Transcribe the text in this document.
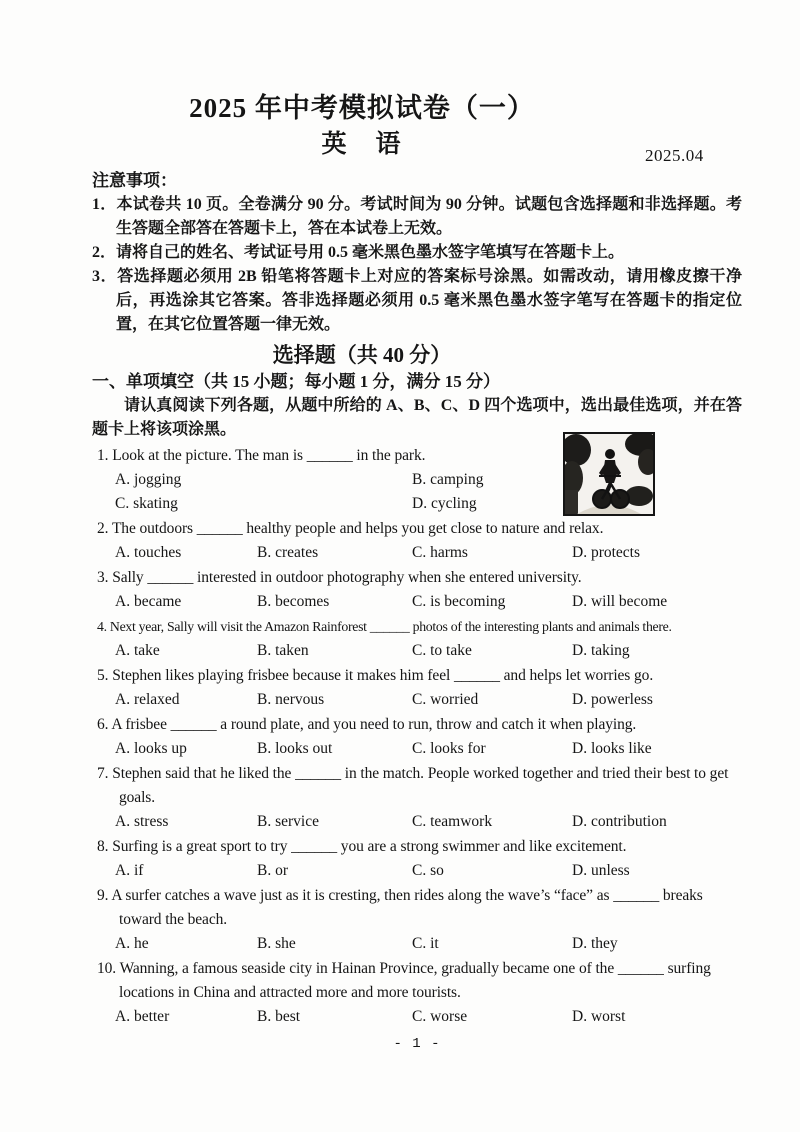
2025 年中考模拟试卷（一）
英　语	2025.04
注意事项：
1．本试卷共 10 页。全卷满分 90 分。考试时间为 90 分钟。试题包含选择题和非选择题。考生答题全部答在答题卡上，答在本试卷上无效。
2．请将自己的姓名、考试证号用 0.5 毫米黑色墨水签字笔填写在答题卡上。
3．答选择题必须用 2B 铅笔将答题卡上对应的答案标号涂黑。如需改动，请用橡皮擦干净后，再选涂其它答案。答非选择题必须用 0.5 毫米黑色墨水签字笔写在答题卡的指定位置，在其它位置答题一律无效。
选择题（共 40 分）
一、单项填空（共 15 小题；每小题 1 分，满分 15 分）
请认真阅读下列各题，从题中所给的 A、B、C、D 四个选项中，选出最佳选项，并在答题卡上将该项涂黑。
1. Look at the picture. The man is ______ in the park.
A. jogging	B. camping
C. skating	D. cycling
2. The outdoors ______ healthy people and helps you get close to nature and relax.
A. touches	B. creates	C. harms	D. protects
3. Sally ______ interested in outdoor photography when she entered university.
A. became	B. becomes	C. is becoming	D. will become
4. Next year, Sally will visit the Amazon Rainforest ______ photos of the interesting plants and animals there.
A. take	B. taken	C. to take	D. taking
5. Stephen likes playing frisbee because it makes him feel ______ and helps let worries go.
A. relaxed	B. nervous	C. worried	D. powerless
6. A frisbee ______ a round plate, and you need to run, throw and catch it when playing.
A. looks up	B. looks out	C. looks for	D. looks like
7. Stephen said that he liked the ______ in the match. People worked together and tried their best to get goals.
A. stress	B. service	C. teamwork	D. contribution
8. Surfing is a great sport to try ______ you are a strong swimmer and like excitement.
A. if	B. or	C. so	D. unless
9. A surfer catches a wave just as it is cresting, then rides along the wave’s “face” as ______ breaks toward the beach.
A. he	B. she	C. it	D. they
10. Wanning, a famous seaside city in Hainan Province, gradually became one of the ______ surfing locations in China and attracted more and more tourists.
A. better	B. best	C. worse	D. worst
- 1 -
